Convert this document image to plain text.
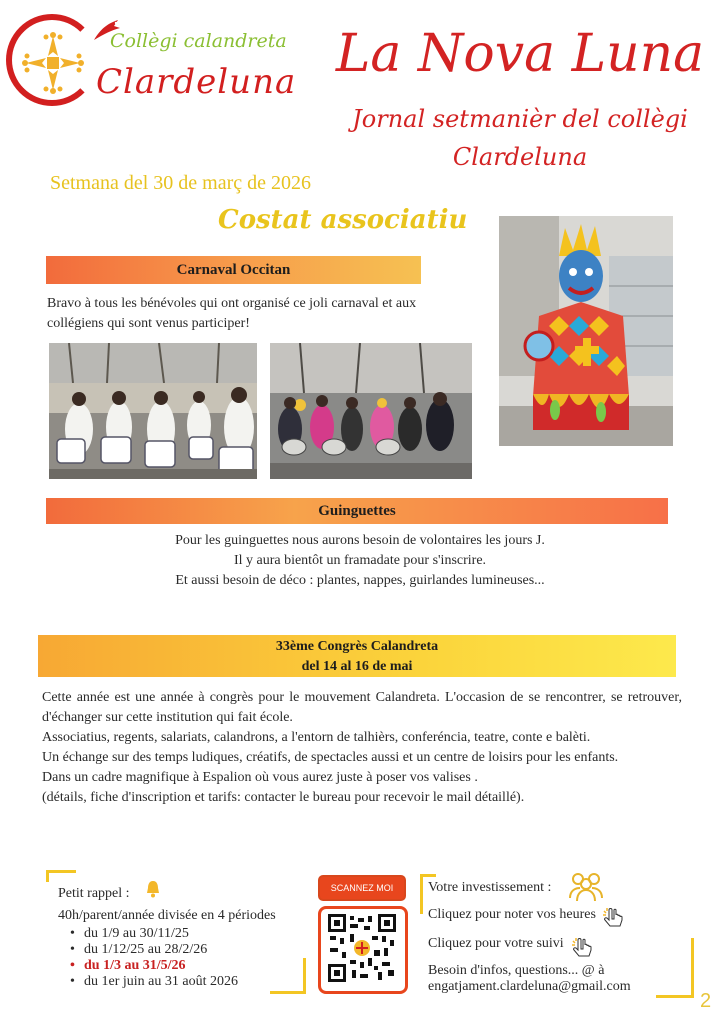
Collègi calandreta
Clardeluna La Nova Luna
Jornal setmanièr del collègi
Clardeluna
Setmana del 30 de març de 2026
Costat associatiu
Carnaval Occitan
Bravo à tous les bénévoles qui ont organisé ce joli carnaval et aux collégiens qui sont venus participer!
Guinguettes
Pour les guinguettes nous aurons besoin de volontaires les jours J.
Il y aura bientôt un framadate pour s'inscrire.
Et aussi besoin de déco : plantes, nappes, guirlandes lumineuses...
33ème Congrès Calandreta
del 14 al 16 de mai

Cette année est une année à congrès pour le mouvement Calandreta. L'occasion de se rencontrer, se retrouver, d'échanger sur cette institution qui fait école.

Associatius, regents, salariats, calandrons, a l'entorn de talhièrs, conferéncia, teatre, conte e balèti.

Un échange sur des temps ludiques, créatifs, de spectacles aussi et un centre de loisirs pour les enfants.

Dans un cadre magnifique à Espalion où vous aurez juste à poser vos valises .

(détails, fiche d'inscription et tarifs: contacter le bureau pour recevoir le mail détaillé).

Petit rappel :
40h/parent/année divisée en 4 périodes
• du 1/9 au 30/11/25
• du 1/12/25 au 28/2/26
• du 1/3 au 31/5/26
• du 1er juin au 31 août 2026
SCANNEZ MOI	Votre investissement :
Cliquez pour noter vos heures
Cliquez pour votre suivi
Besoin d'infos, questions... @ à engatjament.clardeluna@gmail.com
2
